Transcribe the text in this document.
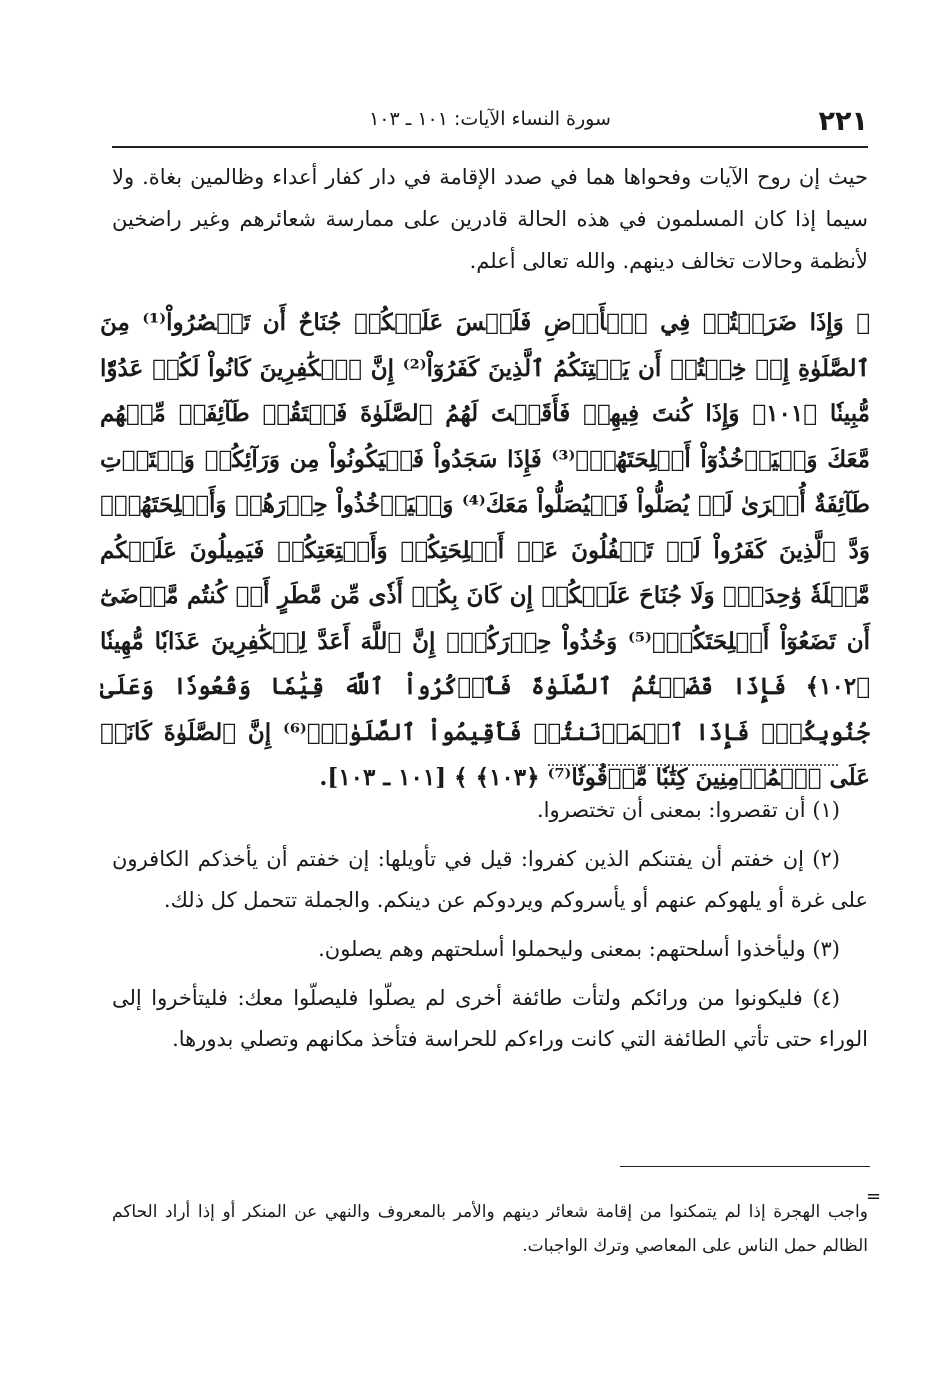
٢٢١
سورة النساء الآيات: ١٠١ ـ ١٠٣

حيث إن روح الآيات وفحواها هما في صدد الإقامة في دار كفار أعداء وظالمين بغاة. ولا سيما إذا كان المسلمون في هذه الحالة قادرين على ممارسة شعائرهم وغير راضخين لأنظمة وحالات تخالف دينهم. والله تعالى أعلم.

﴿ وَإِذَا ضَرَبۡتُمۡ فِي ٱلۡأَرۡضِ فَلَيۡسَ عَلَيۡكُمۡ جُنَاحٌ أَن تَقۡصُرُواْ⁽¹⁾ مِنَ ٱلصَّلَوٰةِ إِنۡ خِفۡتُمۡ أَن يَفۡتِنَكُمُ ٱلَّذِينَ كَفَرُوٓاْ⁽²⁾ إِنَّ ٱلۡكَٰفِرِينَ كَانُواْ لَكُمۡ عَدُوّٗا مُّبِينٗا ﴿١٠١﴾ وَإِذَا كُنتَ فِيهِمۡ فَأَقَمۡتَ لَهُمُ ٱلصَّلَوٰةَ فَلۡتَقُمۡ طَآئِفَةٞ مِّنۡهُم مَّعَكَ وَلۡيَأۡخُذُوٓاْ أَسۡلِحَتَهُمۡۖ⁽³⁾ فَإِذَا سَجَدُواْ فَلۡيَكُونُواْ مِن وَرَآئِكُمۡ وَلۡتَأۡتِ طَآئِفَةٌ أُخۡرَىٰ لَمۡ يُصَلُّواْ فَلۡيُصَلُّواْ مَعَكَ⁽⁴⁾ وَلۡيَأۡخُذُواْ حِذۡرَهُمۡ وَأَسۡلِحَتَهُمۡۗ وَدَّ ٱلَّذِينَ كَفَرُواْ لَوۡ تَغۡفُلُونَ عَنۡ أَسۡلِحَتِكُمۡ وَأَمۡتِعَتِكُمۡ فَيَمِيلُونَ عَلَيۡكُم مَّيۡلَةٗ وَٰحِدَةٗۚ وَلَا جُنَاحَ عَلَيۡكُمۡ إِن كَانَ بِكُمۡ أَذٗى مِّن مَّطَرٍ أَوۡ كُنتُم مَّرۡضَىٰٓ أَن تَضَعُوٓاْ أَسۡلِحَتَكُمۡۖ⁽⁵⁾ وَخُذُواْ حِذۡرَكُمۡۗ إِنَّ ٱللَّهَ أَعَدَّ لِلۡكَٰفِرِينَ عَذَابٗا مُّهِينٗا ﴿١٠٢﴾ فَإِذَا قَضَيۡتُمُ ٱلصَّلَوٰةَ فَٱذۡكُرُواْ ٱللَّهَ قِيَٰمٗا وَقُعُودٗا وَعَلَىٰ جُنُوبِكُمۡۚ فَإِذَا ٱطۡمَأۡنَنتُمۡ فَأَقِيمُواْ ٱلصَّلَوٰةَۚ⁽⁶⁾ إِنَّ ٱلصَّلَوٰةَ كَانَتۡ عَلَى ٱلۡمُؤۡمِنِينَ كِتَٰبٗا مَّوۡقُوتٗا⁽⁷⁾ ﴿١٠٣﴾ ﴾ [١٠١ ـ ١٠٣].

(١) أن تقصروا: بمعنى أن تختصروا.

(٢) إن خفتم أن يفتنكم الذين كفروا: قيل في تأويلها: إن خفتم أن يأخذكم الكافرون على غرة أو يلهوكم عنهم أو يأسروكم ويردوكم عن دينكم. والجملة تتحمل كل ذلك.

(٣) وليأخذوا أسلحتهم: بمعنى وليحملوا أسلحتهم وهم يصلون.

(٤) فليكونوا من ورائكم ولتأت طائفة أخرى لم يصلّوا فليصلّوا معك: فليتأخروا إلى الوراء حتى تأتي الطائفة التي كانت وراءكم للحراسة فتأخذ مكانهم وتصلي بدورها.

=

واجب الهجرة إذا لم يتمكنوا من إقامة شعائر دينهم والأمر بالمعروف والنهي عن المنكر أو إذا أراد الحاكم الظالم حمل الناس على المعاصي وترك الواجبات.
